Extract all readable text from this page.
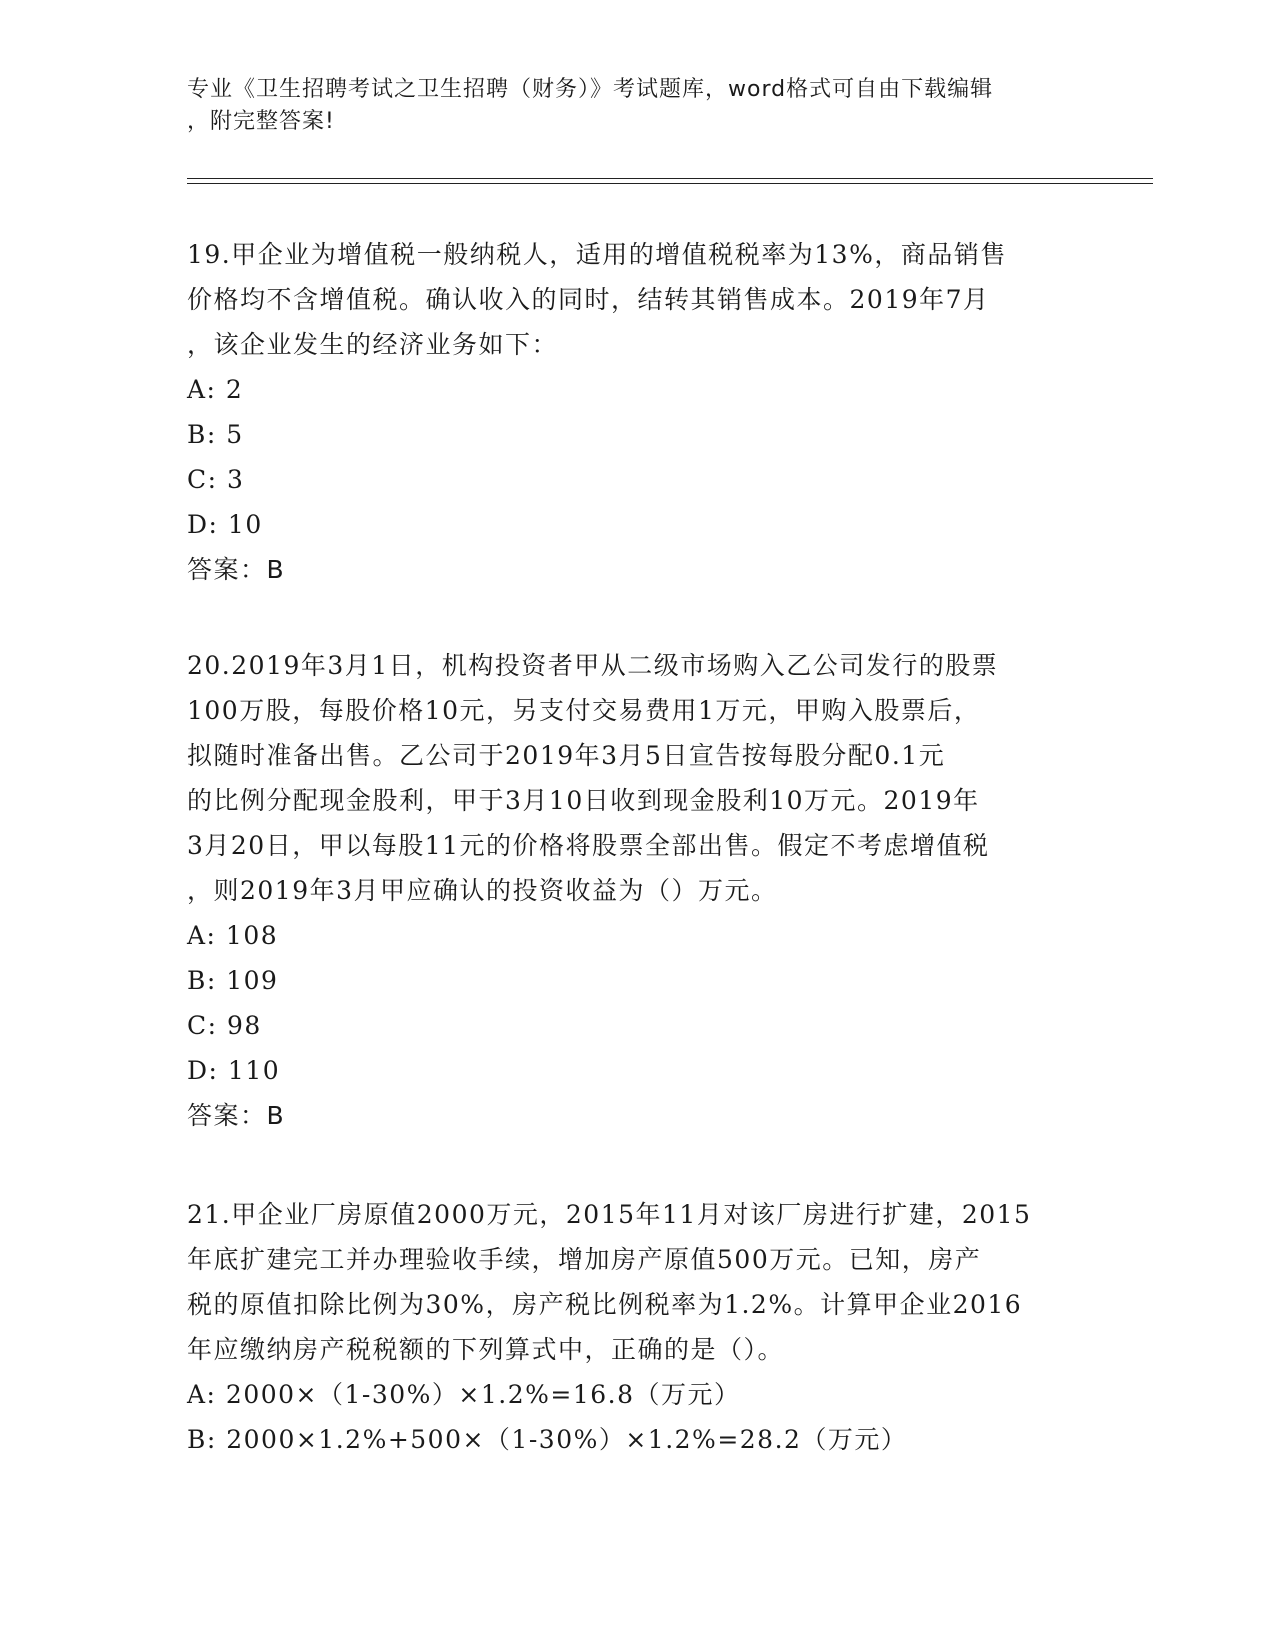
专业《卫生招聘考试之卫生招聘（财务）》考试题库，word格式可自由下载编辑
，附完整答案!
19.甲企业为增值税一般纳税人，适用的增值税税率为13%，商品销售
价格均不含增值税。确认收入的同时，结转其销售成本。2019年7月
，该企业发生的经济业务如下：
A: 2
B: 5
C: 3
D: 10
答案：B
20.2019年3月1日，机构投资者甲从二级市场购入乙公司发行的股票
100万股，每股价格10元，另支付交易费用1万元，甲购入股票后，
拟随时准备出售。乙公司于2019年3月5日宣告按每股分配0.1元
的比例分配现金股利，甲于3月10日收到现金股利10万元。2019年
3月20日，甲以每股11元的价格将股票全部出售。假定不考虑增值税
，则2019年3月甲应确认的投资收益为（）万元。
A: 108
B: 109
C: 98
D: 110
答案：B
21.甲企业厂房原值2000万元，2015年11月对该厂房进行扩建，2015
年底扩建完工并办理验收手续，增加房产原值500万元。已知，房产
税的原值扣除比例为30%，房产税比例税率为1.2%。计算甲企业2016
年应缴纳房产税税额的下列算式中，正确的是（）。
A: 2000×（1-30%）×1.2%=16.8（万元）
B: 2000×1.2%+500×（1-30%）×1.2%=28.2（万元）
